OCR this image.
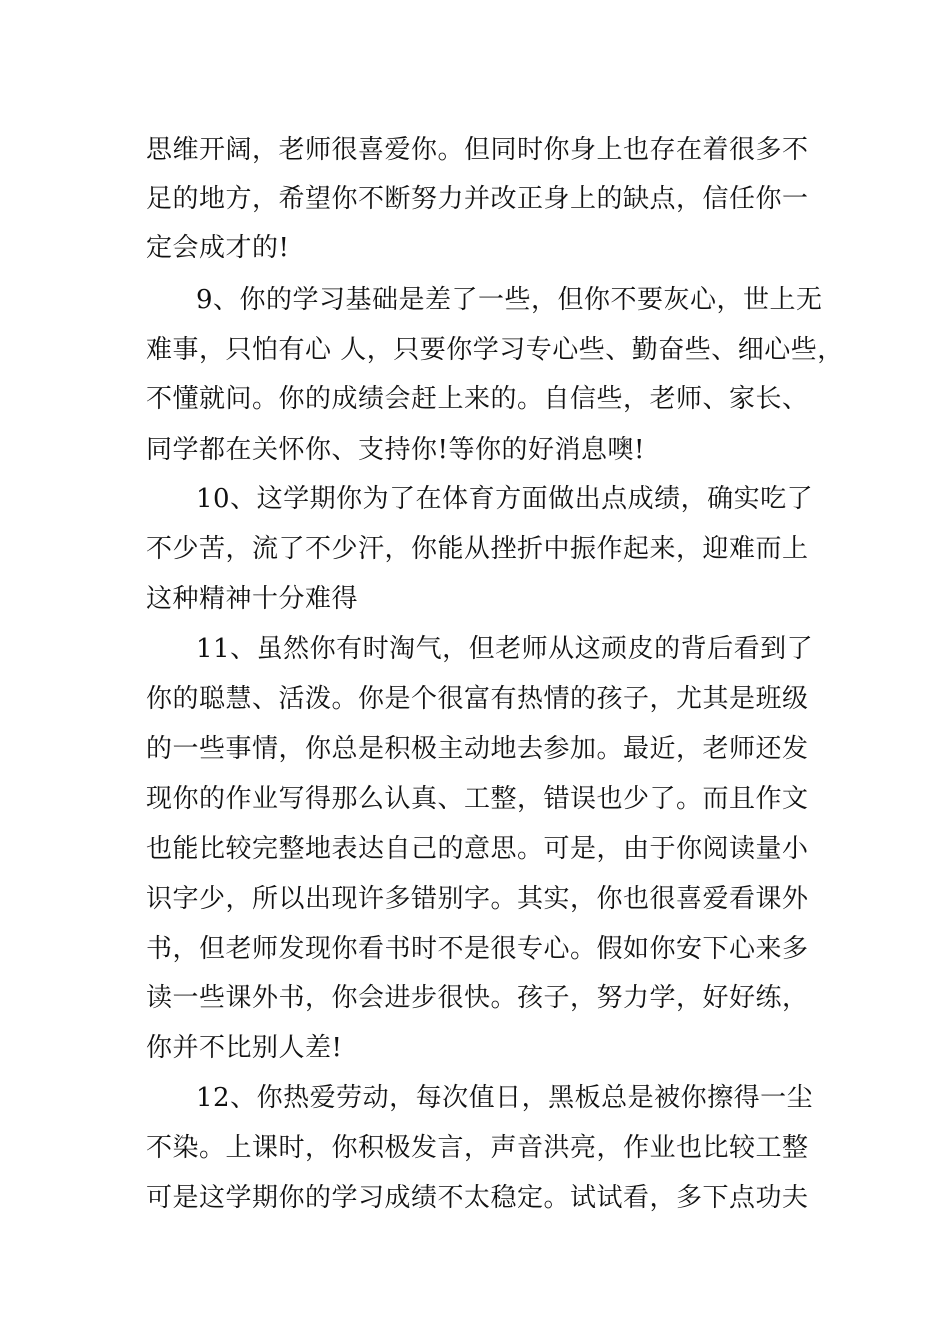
思维开阔，老师很喜爱你。但同时你身上也存在着很多不
足的地方，希望你不断努力并改正身上的缺点，信任你一
定会成才的!
9、你的学习基础是差了一些，但你不要灰心，世上无
难事，只怕有心 人，只要你学习专心些、勤奋些、细心些，
不懂就问。你的成绩会赶上来的。自信些，老师、家长、
同学都在关怀你、支持你!等你的好消息噢!
10、这学期你为了在体育方面做出点成绩，确实吃了
不少苦，流了不少汗，你能从挫折中振作起来，迎难而上
这种精神十分难得
11、虽然你有时淘气，但老师从这顽皮的背后看到了
你的聪慧、活泼。你是个很富有热情的孩子，尤其是班级
的一些事情，你总是积极主动地去参加。最近，老师还发
现你的作业写得那么认真、工整，错误也少了。而且作文
也能比较完整地表达自己的意思。可是，由于你阅读量小
识字少，所以出现许多错别字。其实，你也很喜爱看课外
书，但老师发现你看书时不是很专心。假如你安下心来多
读一些课外书，你会进步很快。孩子，努力学，好好练，
你并不比别人差!
12、你热爱劳动，每次值日，黑板总是被你擦得一尘
不染。上课时，你积极发言，声音洪亮，作业也比较工整
可是这学期你的学习成绩不太稳定。试试看，多下点功夫
